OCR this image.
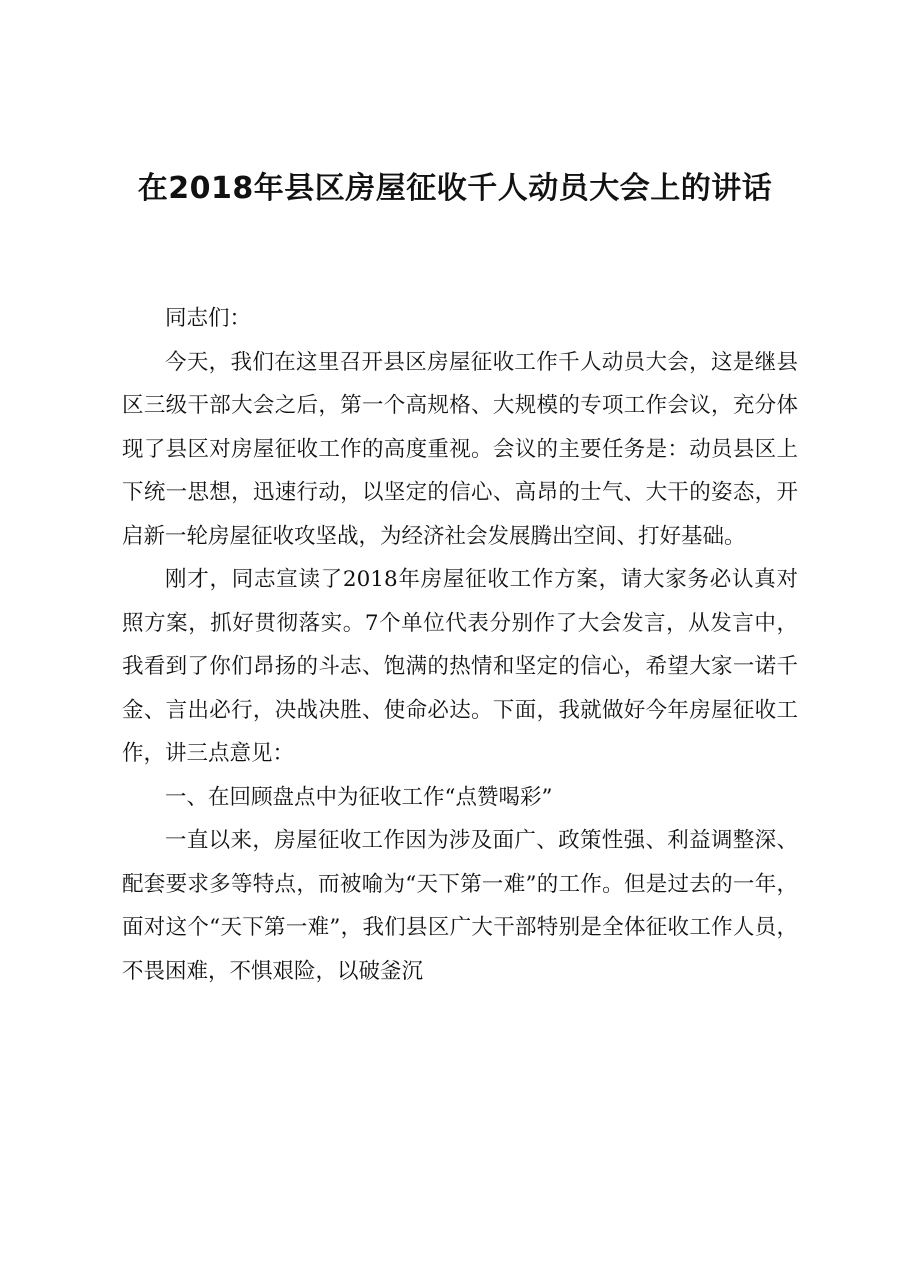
在2018年县区房屋征收千人动员大会上的讲话

同志们：

今天，我们在这里召开县区房屋征收工作千人动员大会，这是继县区三级干部大会之后，第一个高规格、大规模的专项工作会议，充分体现了县区对房屋征收工作的高度重视。会议的主要任务是：动员县区上下统一思想，迅速行动，以坚定的信心、高昂的士气、大干的姿态，开启新一轮房屋征收攻坚战，为经济社会发展腾出空间、打好基础。

刚才，同志宣读了2018年房屋征收工作方案，请大家务必认真对照方案，抓好贯彻落实。7个单位代表分别作了大会发言，从发言中，我看到了你们昂扬的斗志、饱满的热情和坚定的信心，希望大家一诺千金、言出必行，决战决胜、使命必达。下面，我就做好今年房屋征收工作，讲三点意见：

一、在回顾盘点中为征收工作“点赞喝彩”

一直以来，房屋征收工作因为涉及面广、政策性强、利益调整深、配套要求多等特点，而被喻为“天下第一难”的工作。但是过去的一年，面对这个“天下第一难”，我们县区广大干部特别是全体征收工作人员，不畏困难，不惧艰险，以破釜沉
